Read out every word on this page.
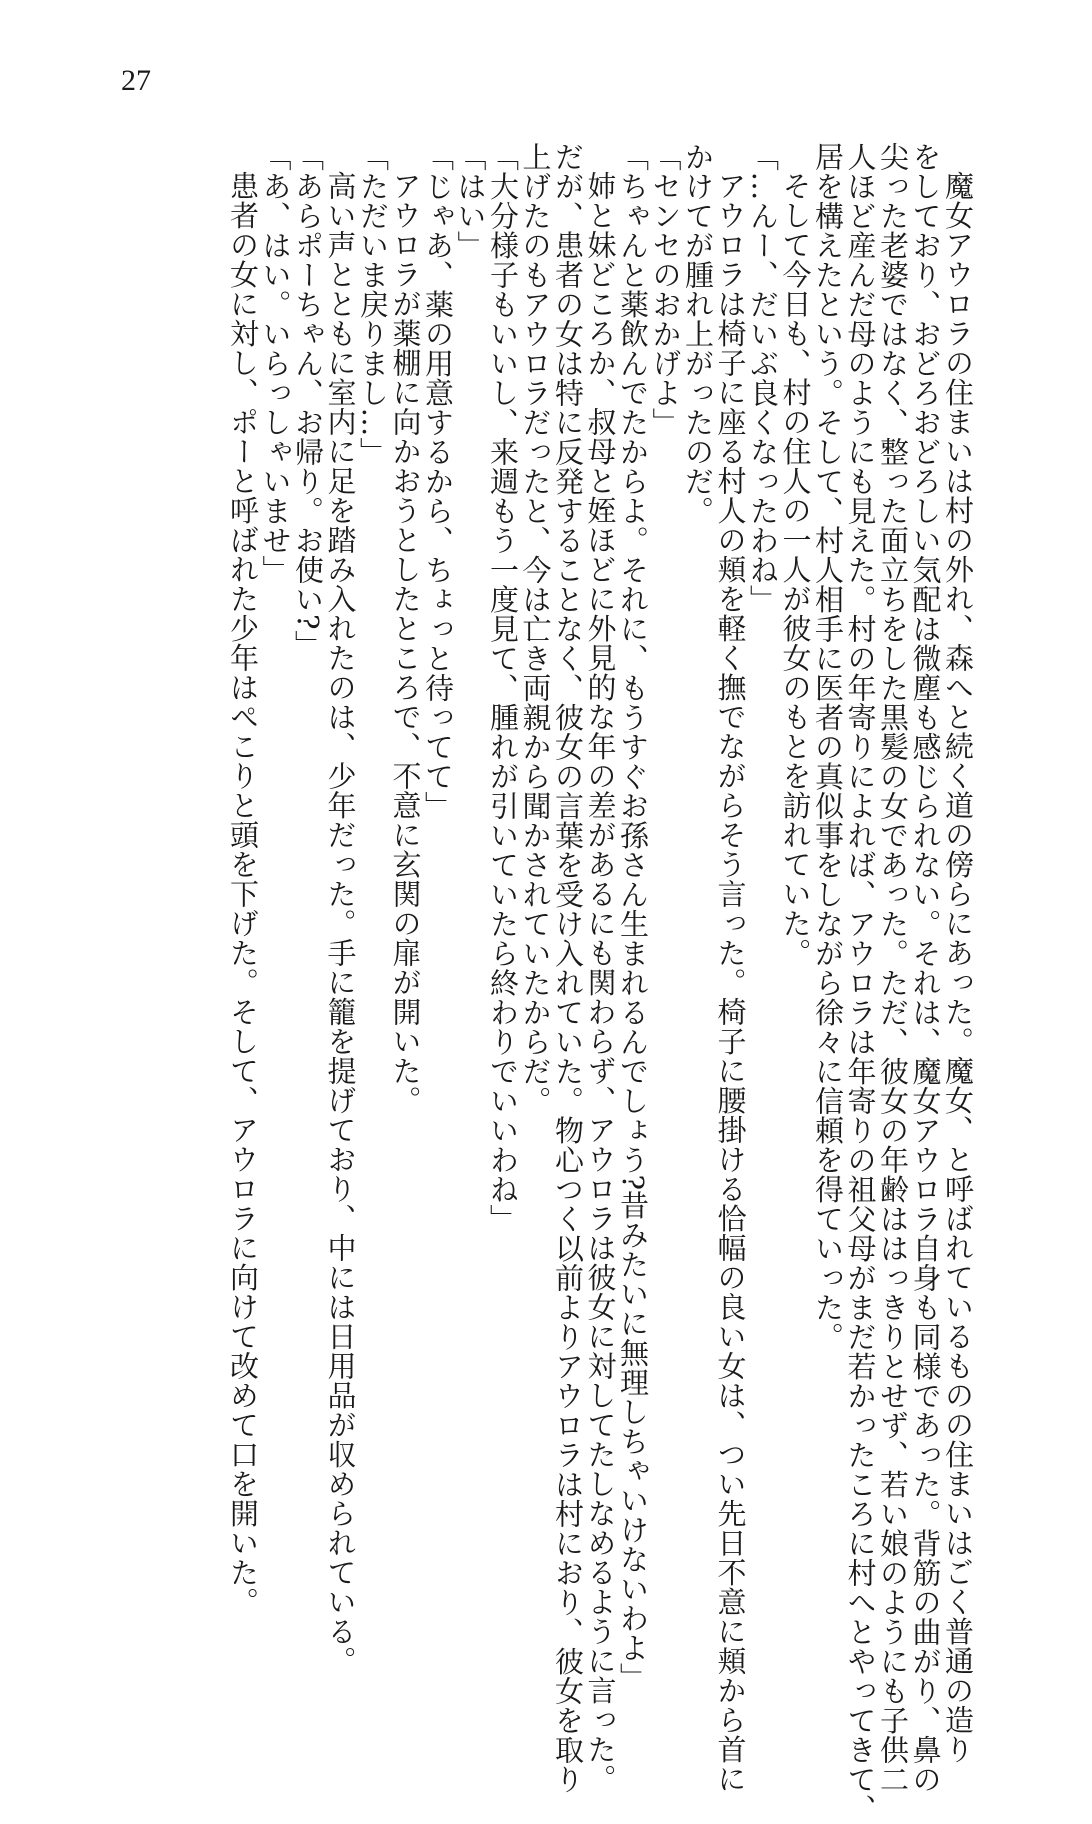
27

魔女アウロラの住まいは村の外れ、森へと続く道の傍らにあった。魔女、と呼ばれているものの住まいはごく普通の造り

をしており、おどろおどろしい気配は微塵も感じられない。それは、魔女アウロラ自身も同様であった。背筋の曲がり、鼻の

尖った老婆ではなく、整った面立ちをした黒髪の女であった。ただ、彼女の年齢ははっきりとせず、若い娘のようにも子供二

人ほど産んだ母のようにも見えた。村の年寄りによれば、アウロラは年寄りの祖父母がまだ若かったころに村へとやってきて、

居を構えたという。そして、村人相手に医者の真似事をしながら徐々に信頼を得ていった。

そして今日も、村の住人の一人が彼女のもとを訪れていた。

「…んー、だいぶ良くなったわね」

アウロラは椅子に座る村人の頬を軽く撫でながらそう言った。椅子に腰掛ける恰幅の良い女は、つい先日不意に頬から首に

かけてが腫れ上がったのだ。

「センセのおかげよ」

「ちゃんと薬飲んでたからよ。それに、もうすぐお孫さん生まれるんでしょう?昔みたいに無理しちゃいけないわよ」

姉と妹どころか、叔母と姪ほどに外見的な年の差があるにも関わらず、アウロラは彼女に対してたしなめるように言った。

だが、患者の女は特に反発することなく、彼女の言葉を受け入れていた。物心つく以前よりアウロラは村におり、彼女を取り

上げたのもアウロラだったと、今は亡き両親から聞かされていたからだ。

「大分様子もいいし、来週もう一度見て、腫れが引いていたら終わりでいいわね」

「はい」

「じゃあ、薬の用意するから、ちょっと待ってて」

アウロラが薬棚に向かおうとしたところで、不意に玄関の扉が開いた。

「ただいま戻りまし…」

高い声とともに室内に足を踏み入れたのは、少年だった。手に籠を提げており、中には日用品が収められている。

「あらポーちゃん、お帰り。お使い?」

「あ、はい。いらっしゃいませ」

患者の女に対し、ポーと呼ばれた少年はぺこりと頭を下げた。そして、アウロラに向けて改めて口を開いた。
